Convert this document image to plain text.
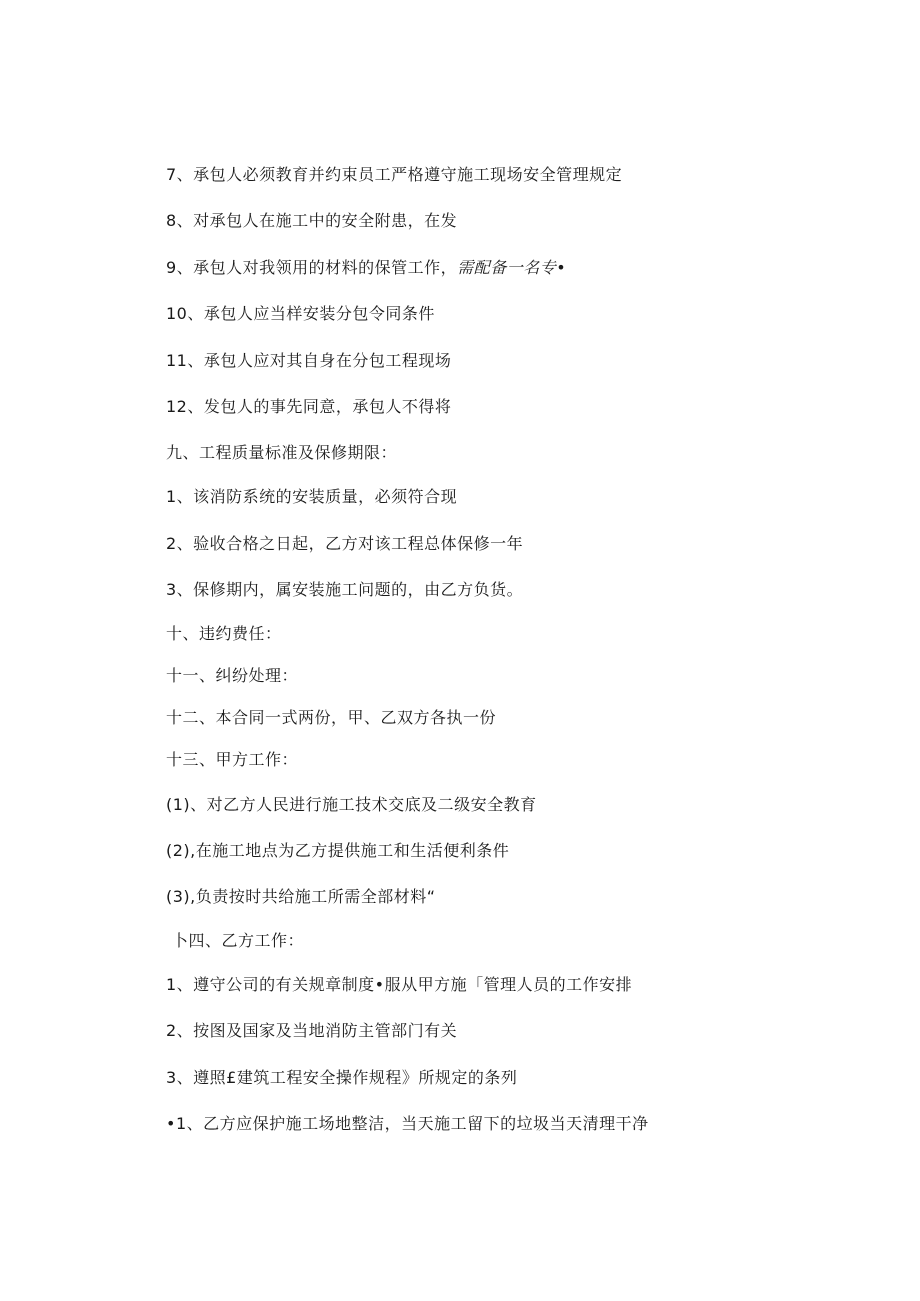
7、承包人必须教育并约束员工严格遵守施工现场安全管理规定
8、对承包人在施工中的安全附患，在发
9、承包人对我领用的材料的保管工作，需配备一名专•
10、承包人应当样安装分包令同条件
11、承包人应对其自身在分包工程现场
12、发包人的事先同意，承包人不得将
九、工程质量标准及保修期限：
1、该消防系统的安装质量，必须符合现
2、验收合格之日起，乙方对该工程总体保修一年
3、保修期内，属安装施工问题的，由乙方负货。
十、违约费任：
十一、纠纷处理：
十二、本合同一式两份，甲、乙双方各执一份
十三、甲方工作：
(1)、对乙方人民进行施工技术交底及二级安全教育
(2),在施工地点为乙方提供施工和生活便利条件
(3),负责按时共给施工所需全部材料“
卜四、乙方工作：
1、遵守公司的有关规章制度•服从甲方施「管理人员的工作安排
2、按图及国家及当地消防主管部门有关
3、遵照£建筑工程安全操作规程》所规定的条列
•1、乙方应保护施工场地整洁，当天施工留下的垃圾当天清理干净
